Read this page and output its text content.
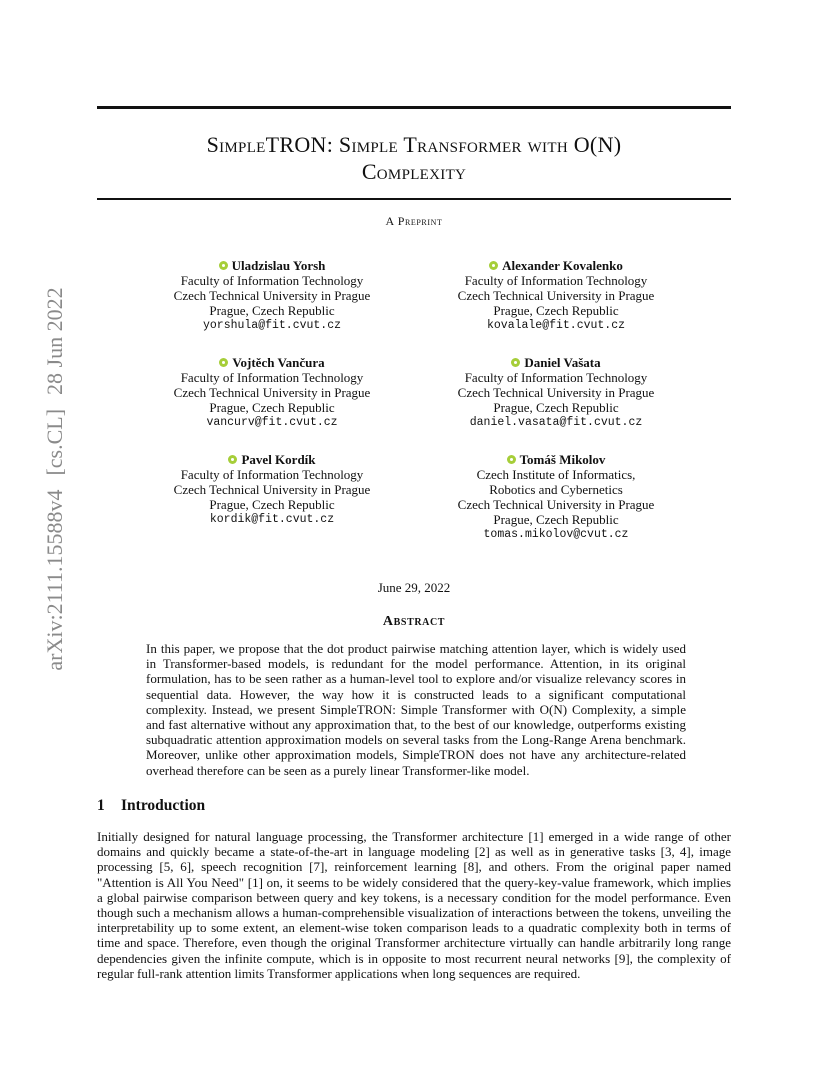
SimpleTRON: Simple Transformer with O(N)
Complexity
A Preprint
arXiv:2111.15588v4[cs.CL]28 Jun 2022
Uladzislau Yorsh
Faculty of Information Technology
Czech Technical University in Prague
Prague, Czech Republic
yorshula@fit.cvut.cz
Alexander Kovalenko
Faculty of Information Technology
Czech Technical University in Prague
Prague, Czech Republic
kovalale@fit.cvut.cz
Vojtěch Vančura
Faculty of Information Technology
Czech Technical University in Prague
Prague, Czech Republic
vancurv@fit.cvut.cz
Daniel Vašata
Faculty of Information Technology
Czech Technical University in Prague
Prague, Czech Republic
daniel.vasata@fit.cvut.cz
Pavel Kordík
Faculty of Information Technology
Czech Technical University in Prague
Prague, Czech Republic
kordik@fit.cvut.cz
Tomáš Mikolov
Czech Institute of Informatics,
Robotics and Cybernetics
Czech Technical University in Prague
Prague, Czech Republic
tomas.mikolov@cvut.cz
June 29, 2022
Abstract
In this paper, we propose that the dot product pairwise matching attention layer, which is widely used in Transformer-based models, is redundant for the model performance. Attention, in its original formulation, has to be seen rather as a human-level tool to explore and/or visualize relevancy scores in sequential data. However, the way how it is constructed leads to a significant computational complexity. Instead, we present SimpleTRON: Simple Transformer with O(N) Complexity, a simple and fast alternative without any approximation that, to the best of our knowledge, outperforms existing subquadratic attention approximation models on several tasks from the Long-Range Arena benchmark. Moreover, unlike other approximation models, SimpleTRON does not have any architecture-related overhead therefore can be seen as a purely linear Transformer-like model.
1 Introduction
Initially designed for natural language processing, the Transformer architecture [1] emerged in a wide range of other domains and quickly became a state-of-the-art in language modeling [2] as well as in generative tasks [3, 4], image processing [5, 6], speech recognition [7], reinforcement learning [8], and others. From the original paper named "Attention is All You Need" [1] on, it seems to be widely considered that the query-key-value framework, which implies a global pairwise comparison between query and key tokens, is a necessary condition for the model performance. Even though such a mechanism allows a human-comprehensible visualization of interactions between the tokens, unveiling the interpretability up to some extent, an element-wise token comparison leads to a quadratic complexity both in terms of time and space. Therefore, even though the original Transformer architecture virtually can handle arbitrarily long range dependencies given the infinite compute, which is in opposite to most recurrent neural networks [9], the complexity of regular full-rank attention limits Transformer applications when long sequences are required.
